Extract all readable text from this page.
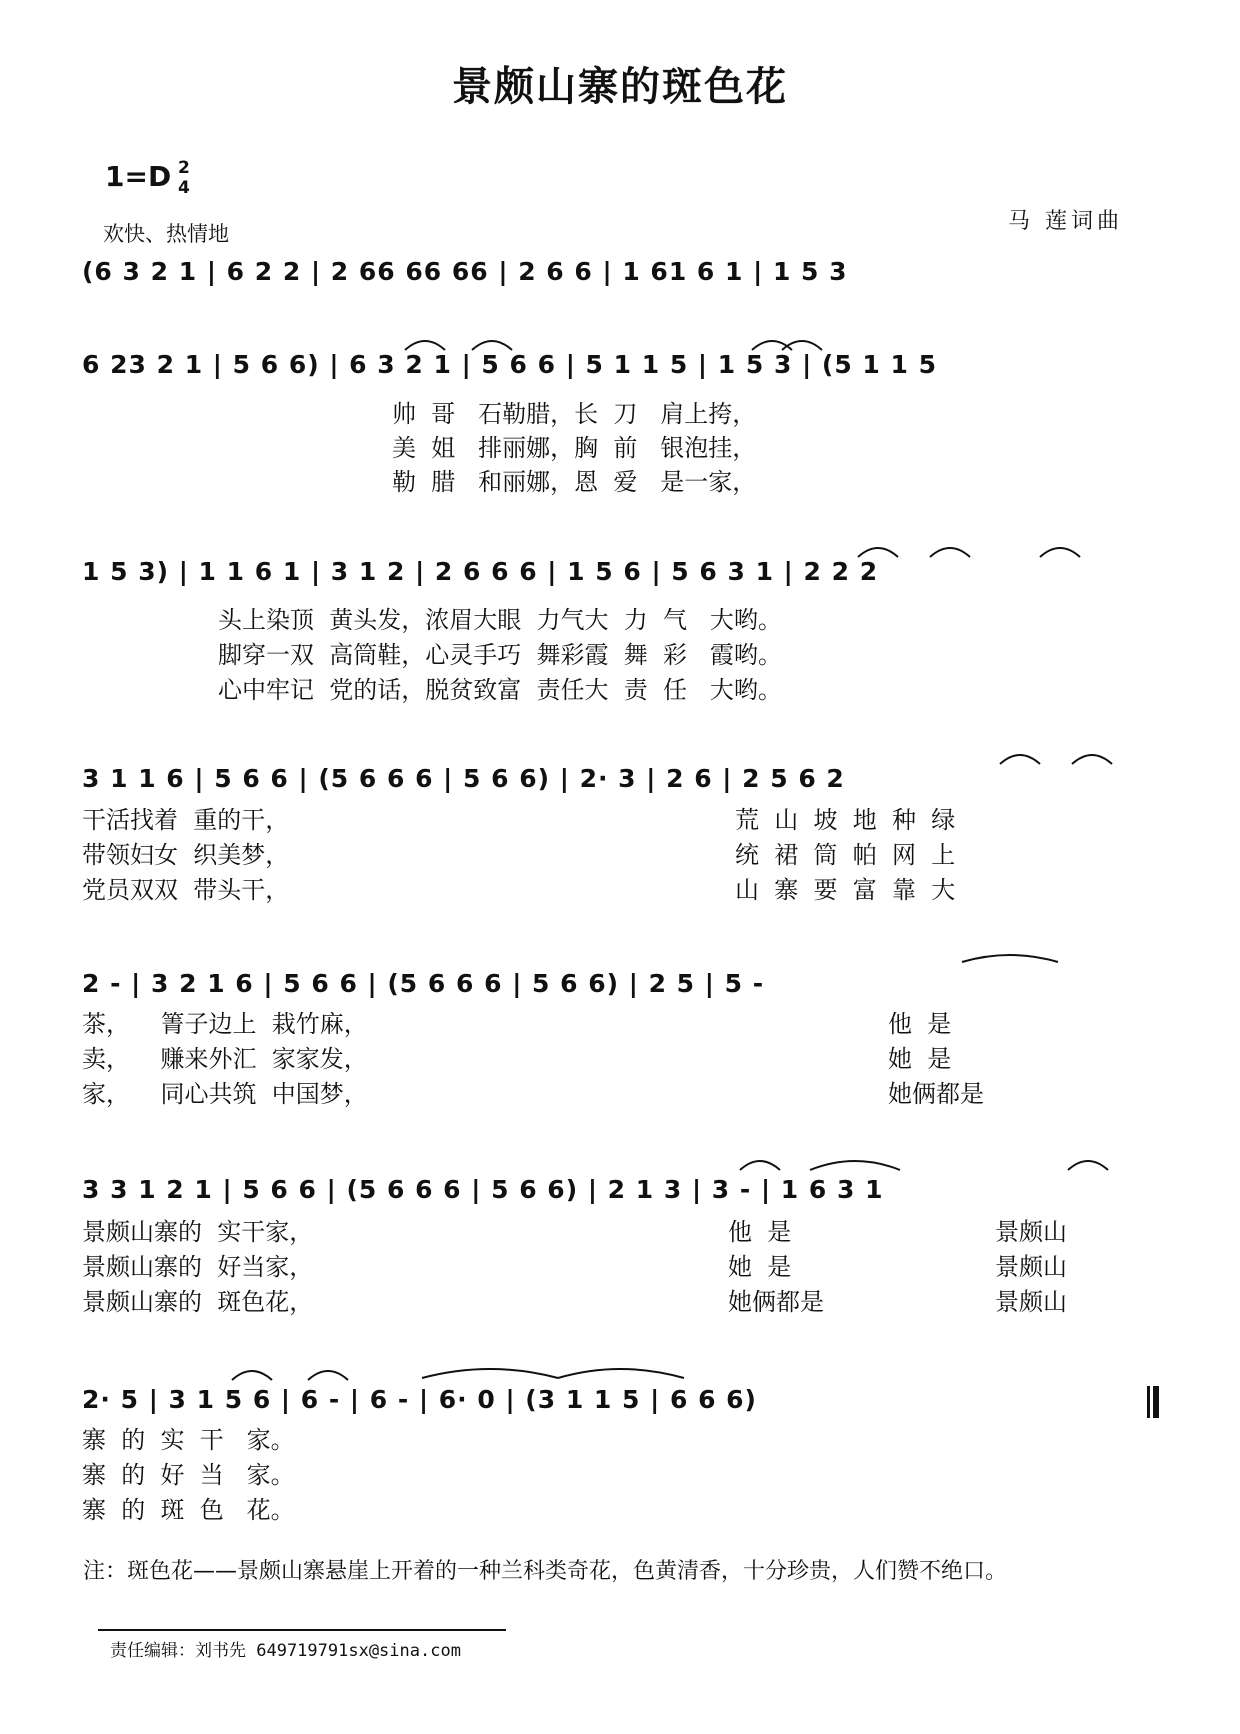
景颇山寨的斑色花
1=D 2
4
欢快、热情地	马 莲词曲
(6 3 2 1 | 6 2 2 | 2 66 66 66 | 2 6 6 | 1 61 6 1 | 1 5 3
6 23 2 1 | 5 6 6) | 6 3 2 1 | 5 6 6 | 5 1 1 5 | 1 5 3 | (5 1 1 5
帅  哥   石勒腊，长  刀   肩上挎，
美  姐   排丽娜，胸  前   银泡挂，
勒  腊   和丽娜，恩  爱   是一家，
1 5 3) | 1 1 6 1 | 3 1 2 | 2 6 6 6 | 1 5 6 | 5 6 3 1 | 2 2 2
头上染顶  黄头发，浓眉大眼  力气大  力  气   大哟。
脚穿一双  高筒鞋，心灵手巧  舞彩霞  舞  彩   霞哟。
心中牢记  党的话，脱贫致富  责任大  责  任   大哟。
3 1 1 6 | 5 6 6 | (5 6 6 6 | 5 6 6) | 2· 3 | 2 6 | 2 5 6 2
干活找着  重的干，
带领妇女  织美梦，
党员双双  带头干，
荒  山  坡  地  种  绿
统  裙  筒  帕  网  上
山  寨  要  富  靠  大
2 - | 3 2 1 6 | 5 6 6 | (5 6 6 6 | 5 6 6) | 2 5 | 5 -
茶，    箐子边上  栽竹麻，
卖，    赚来外汇  家家发，
家，    同心共筑  中国梦，
他  是
她  是
她俩都是
3 3 1 2 1 | 5 6 6 | (5 6 6 6 | 5 6 6) | 2 1 3 | 3 - | 1 6 3 1
景颇山寨的  实干家，
景颇山寨的  好当家，
景颇山寨的  斑色花，
他  是
她  是
她俩都是
景颇山
景颇山
景颇山
2· 5 | 3 1 5 6 | 6 - | 6 - | 6· 0 | (3 1 1 5 | 6 6 6)
寨  的  实  干   家。
寨  的  好  当   家。
寨  的  斑  色   花。
注：斑色花——景颇山寨悬崖上开着的一种兰科类奇花，色黄清香，十分珍贵，人们赞不绝口。
责任编辑：刘书先 649719791sx@sina.com
